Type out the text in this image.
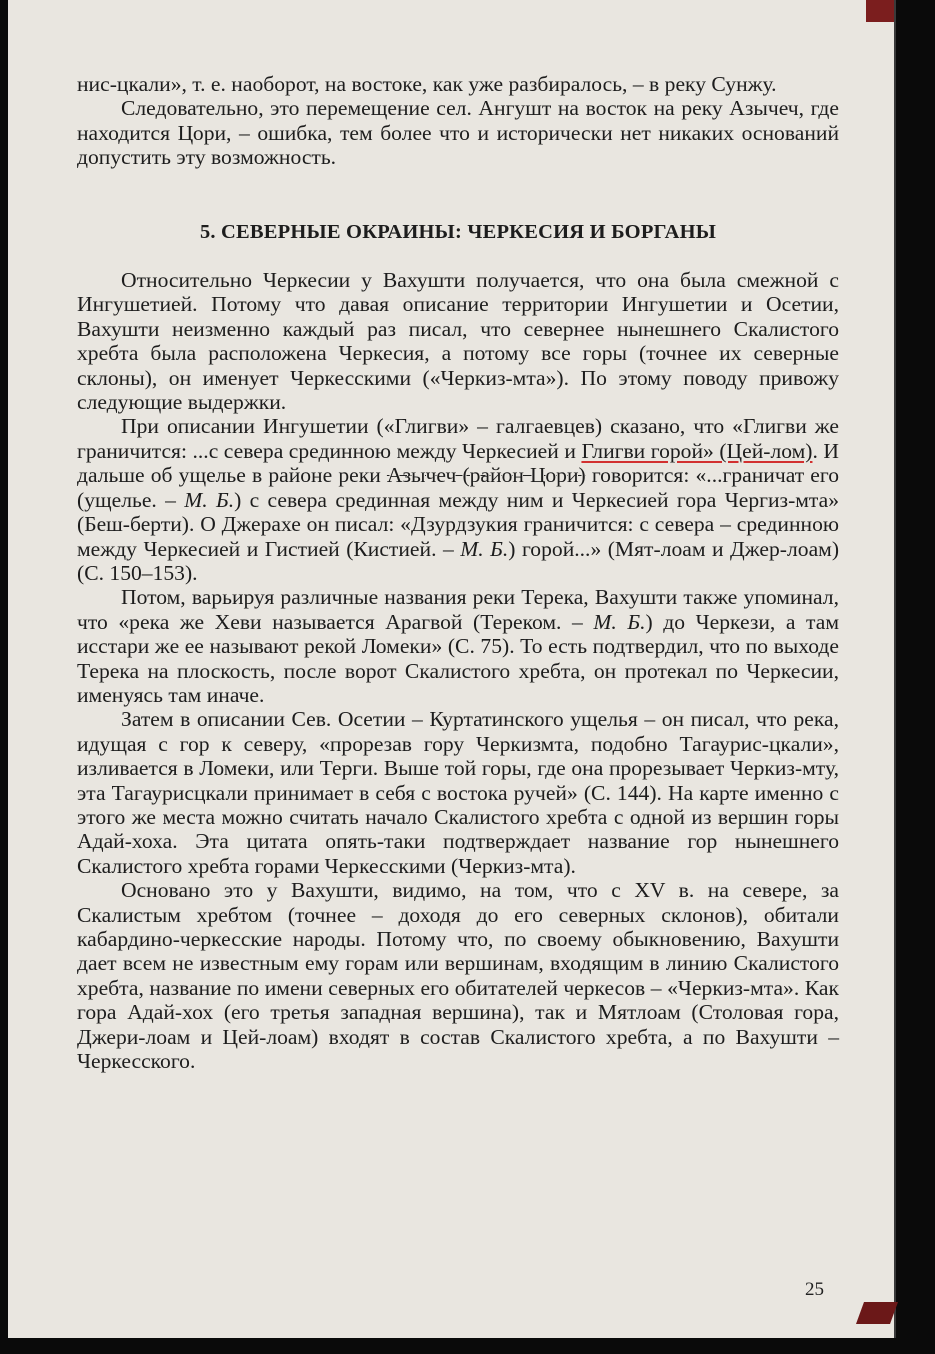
нис-цкали», т. е. наоборот, на востоке, как уже разбиралось, – в реку Сунжу.

Следовательно, это перемещение сел. Ангушт на восток на реку Азычеч, где находится Цори, – ошибка, тем более что и исторически нет никаких оснований допустить эту возможность.

5. СЕВЕРНЫЕ ОКРАИНЫ: ЧЕРКЕСИЯ И БОРГАНЫ

Относительно Черкесии у Вахушти получается, что она была смежной с Ингушетией. Потому что давая описание территории Ингушетии и Осетии, Вахушти неизменно каждый раз писал, что севернее нынешнего Скалистого хребта была расположена Черкесия, а потому все горы (точнее их северные склоны), он именует Черкесскими («Черкиз-мта»). По этому поводу привожу следующие выдержки.

При описании Ингушетии («Глигви» – галгаевцев) сказано, что «Глигви же граничится: ...с севера срединною между Черкесией и Глигви горой» (Цей-лом). И дальше об ущелье в районе реки Азычеч (район Цори) говорится: «...граничат его (ущелье. – М. Б.) с севера срединная между ним и Черкесией гора Чергиз-мта» (Беш-берти). О Джерахе он писал: «Дзурдзукия граничится: с севера – срединною между Черкесией и Гистией (Кистией. – М. Б.) горой...» (Мят-лоам и Джер-лоам) (С. 150–153).

Потом, варьируя различные названия реки Терека, Вахушти также упоминал, что «река же Хеви называется Арагвой (Тереком. – М. Б.) до Черкези, а там исстари же ее называют рекой Ломеки» (С. 75). То есть подтвердил, что по выходе Терека на плоскость, после ворот Скалистого хребта, он протекал по Черкесии, именуясь там иначе.

Затем в описании Сев. Осетии – Куртатинского ущелья – он писал, что река, идущая с гор к северу, «прорезав гору Черкизмта, подобно Тагаурис-цкали», изливается в Ломеки, или Терги. Выше той горы, где она прорезывает Черкиз-мту, эта Тагаурисцкали принимает в себя с востока ручей» (С. 144). На карте именно с этого же места можно считать начало Скалистого хребта с одной из вершин горы Адай-хоха. Эта цитата опять-таки подтверждает название гор нынешнего Скалистого хребта горами Черкесскими (Черкиз-мта).

Основано это у Вахушти, видимо, на том, что с XV в. на севере, за Скалистым хребтом (точнее – доходя до его северных склонов), обитали кабардино-черкесские народы. Потому что, по своему обыкновению, Вахушти дает всем не известным ему горам или вершинам, входящим в линию Скалистого хребта, название по имени северных его обитателей черкесов – «Черкиз-мта». Как гора Адай-хох (его третья западная вершина), так и Мятлоам (Столовая гора, Джери-лоам и Цей-лоам) входят в состав Скалистого хребта, а по Вахушти – Черкесского.

25
